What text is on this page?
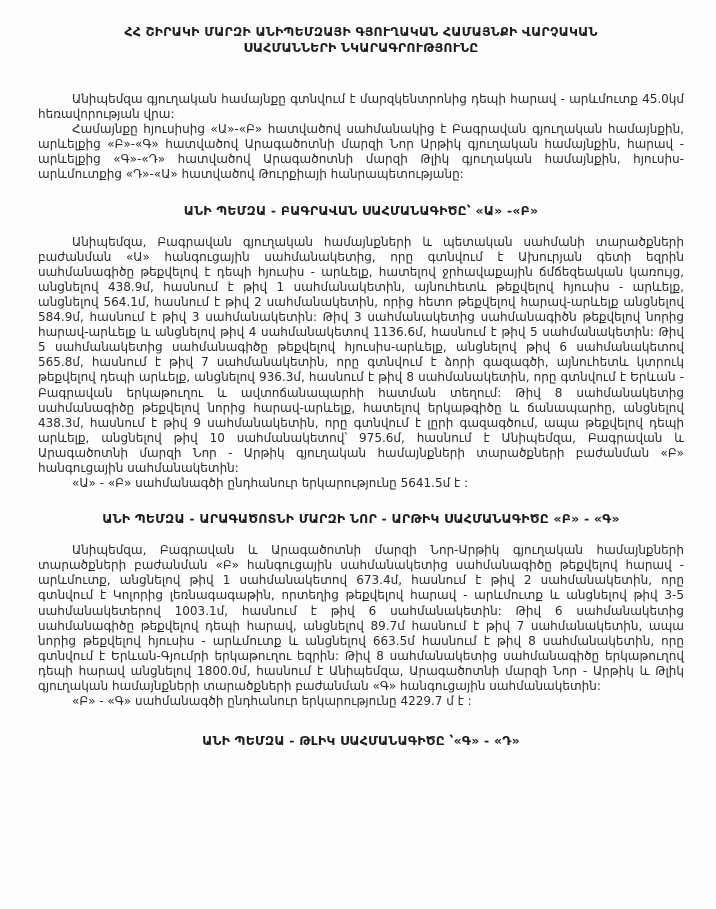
ՀՀ ՇԻՐԱԿԻ ՄԱՐԶԻ ԱՆԻՊԵՄԶԱՅԻ ԳՅՈՒՂԱԿԱՆ ՀԱՄԱՅՆՔԻ ՎԱՐՉԱԿԱՆ
ՍԱՀՄԱՆՆԵՐԻ ՆԿԱՐԱԳՐՈՒԹՅՈՒՆԸ

Անիպեմզա գյուղական համայնքը գտնվում է մարզկենտրոնից դեպի հարավ - արևմուտք 45.0կմ հեռավորության վրա:

Համայնքը հյուսիսից «Ա»-«Բ» հատվածով սահմանակից է Բագրավան գյուղական համայնքին, արևելքից «Բ»-«Գ» հատվածով Արագածոտնի մարզի Նոր Արթիկ գյուղական համայնքին, հարավ - արևելքից «Գ»-«Դ» հատվածով Արագածոտնի մարզի Թլիկ գյուղական համայնքին, հյուսիս-արևմուտքից «Դ»-«Ա» հատվածով Թուրքիայի հանրապետությանը:

ԱՆԻ ՊԵՄԶԱ - ԲԱԳՐԱՎԱՆ ՍԱՀՄԱՆԱԳԻԾԸ՝ «Ա» -«Բ»

Անիպեմզա, Բագրավան գյուղական համայնքների և պետական սահմանի տարածքների բաժանման «Ա» հանգուցային սահմանակետից, որը գտնվում է Ախուրյան գետի եզրին սահմանագիծը թեքվելով է դեպի հյուսիս - արևելք, հատելով ջրհավաքային ճմճեզեական կառույց, անցնելով 438.9մ, հասնում է թիվ 1 սահմանակետին, այնուհետև թեքվելով հյուսիս - արևելք, անցնելով 564.1մ, հասնում է թիվ 2 սահմանակետին, որից հետո թեքվելով հարավ-արևելք անցնելով 584.9մ, հասնում է թիվ 3 սահմանակետին: Թիվ 3 սահմանակետից սահմանագիծն թեքվելով նորից հարավ-արևելք և անցնելով թիվ 4 սահմանակետով 1136.6մ, հասնում է թիվ 5 սահմանակետին: Թիվ 5 սահմանակետից սահմանագիծը թեքվելով հյուսիս-արևելք, անցնելով թիվ 6 սահմանակետով 565.8մ, հասնում է թիվ 7 սահմանակետին, որը գտնվում է ձորի գազագծի, այնուհետև կտրուկ թեքվելով դեպի արևելք, անցնելով 936.3մ, հասնում է թիվ 8 սահմանակետին, որը գտնվում է Երևան - Բագրավան երկաթուղու և ավտոճանապարհի հատման տեղում: Թիվ 8 սահմանակետից սահմանագիծը թեքվելով նորից հարավ-արևելք, հատելով երկաթգիծը և ճանապարհը, անցնելով 438.3մ, հասնում է թիվ 9 սահմանակետին, որը գտնվում է լըրի գազագծում, ապա թեքվելով դեպի արևելք, անցնելով թիվ 10 սահմանակետով՝ 975.6մ, հասնում է Անիպեմզա, Բագրավան և Արագածոտնի մարզի Նոր - Արթիկ գյուղական համայնքների տարածքների բաժանման «Բ» հանգուցային սահմանակետին:

«Ա» - «Բ» սահմանագծի ընդհանուր երկարությունը 5641.5մ է :

ԱՆԻ ՊԵՄԶԱ - ԱՐԱԳԱԾՈՏՆԻ ՄԱՐԶԻ ՆՈՐ - ԱՐԹԻԿ ՍԱՀՄԱՆԱԳԻԾԸ «Բ» - «Գ»

Անիպեմզա, Բագրավան և Արագածոտնի մարզի Նոր-Արթիկ գյուղական համայնքների տարածքների բաժանման «Բ» հանգուցային սահմանակետից սահմանագիծը թեքվելով հարավ - արևմուտք, անցնելով թիվ 1 սահմանակետով 673.4մ, հասնում է թիվ 2 սահմանակետին, որը գտնվում է Կոլորից լեռնագագաթին, որտեղից թեքվելով հարավ - արևմուտք և անցնելով թիվ 3-5 սահմանակետերով 1003.1մ, հասնում է թիվ 6 սահմանակետին: Թիվ 6 սահմանակետից սահմանագիծը թեքվելով դեպի հարավ, անցնելով 89.7մ հասնում է թիվ 7 սահմանակետին, ապա նորից թեքվելով հյուսիս - արևմուտք և անցնելով 663.5մ հասնում է թիվ 8 սահմանակետին, որը գտնվում է Երևան-Գյումրի երկաթուղու եզրին: Թիվ 8 սահմանակետից սահմանագիծը երկաթուղով դեպի հարավ անցնելով 1800.0մ, հասնում է Անիպեմզա, Արագածոտնի մարզի Նոր - Արթիկ և Թլիկ գյուղական համայնքների տարածքների բաժանման «Գ» հանգուցային սահմանակետին:

«Բ» - «Գ» սահմանագծի ընդհանուր երկարությունը 4229.7 մ է :

ԱՆԻ ՊԵՄԶԱ - ԹԼԻԿ ՍԱՀՄԱՆԱԳԻԾԸ ՝«Գ» - «Դ»
